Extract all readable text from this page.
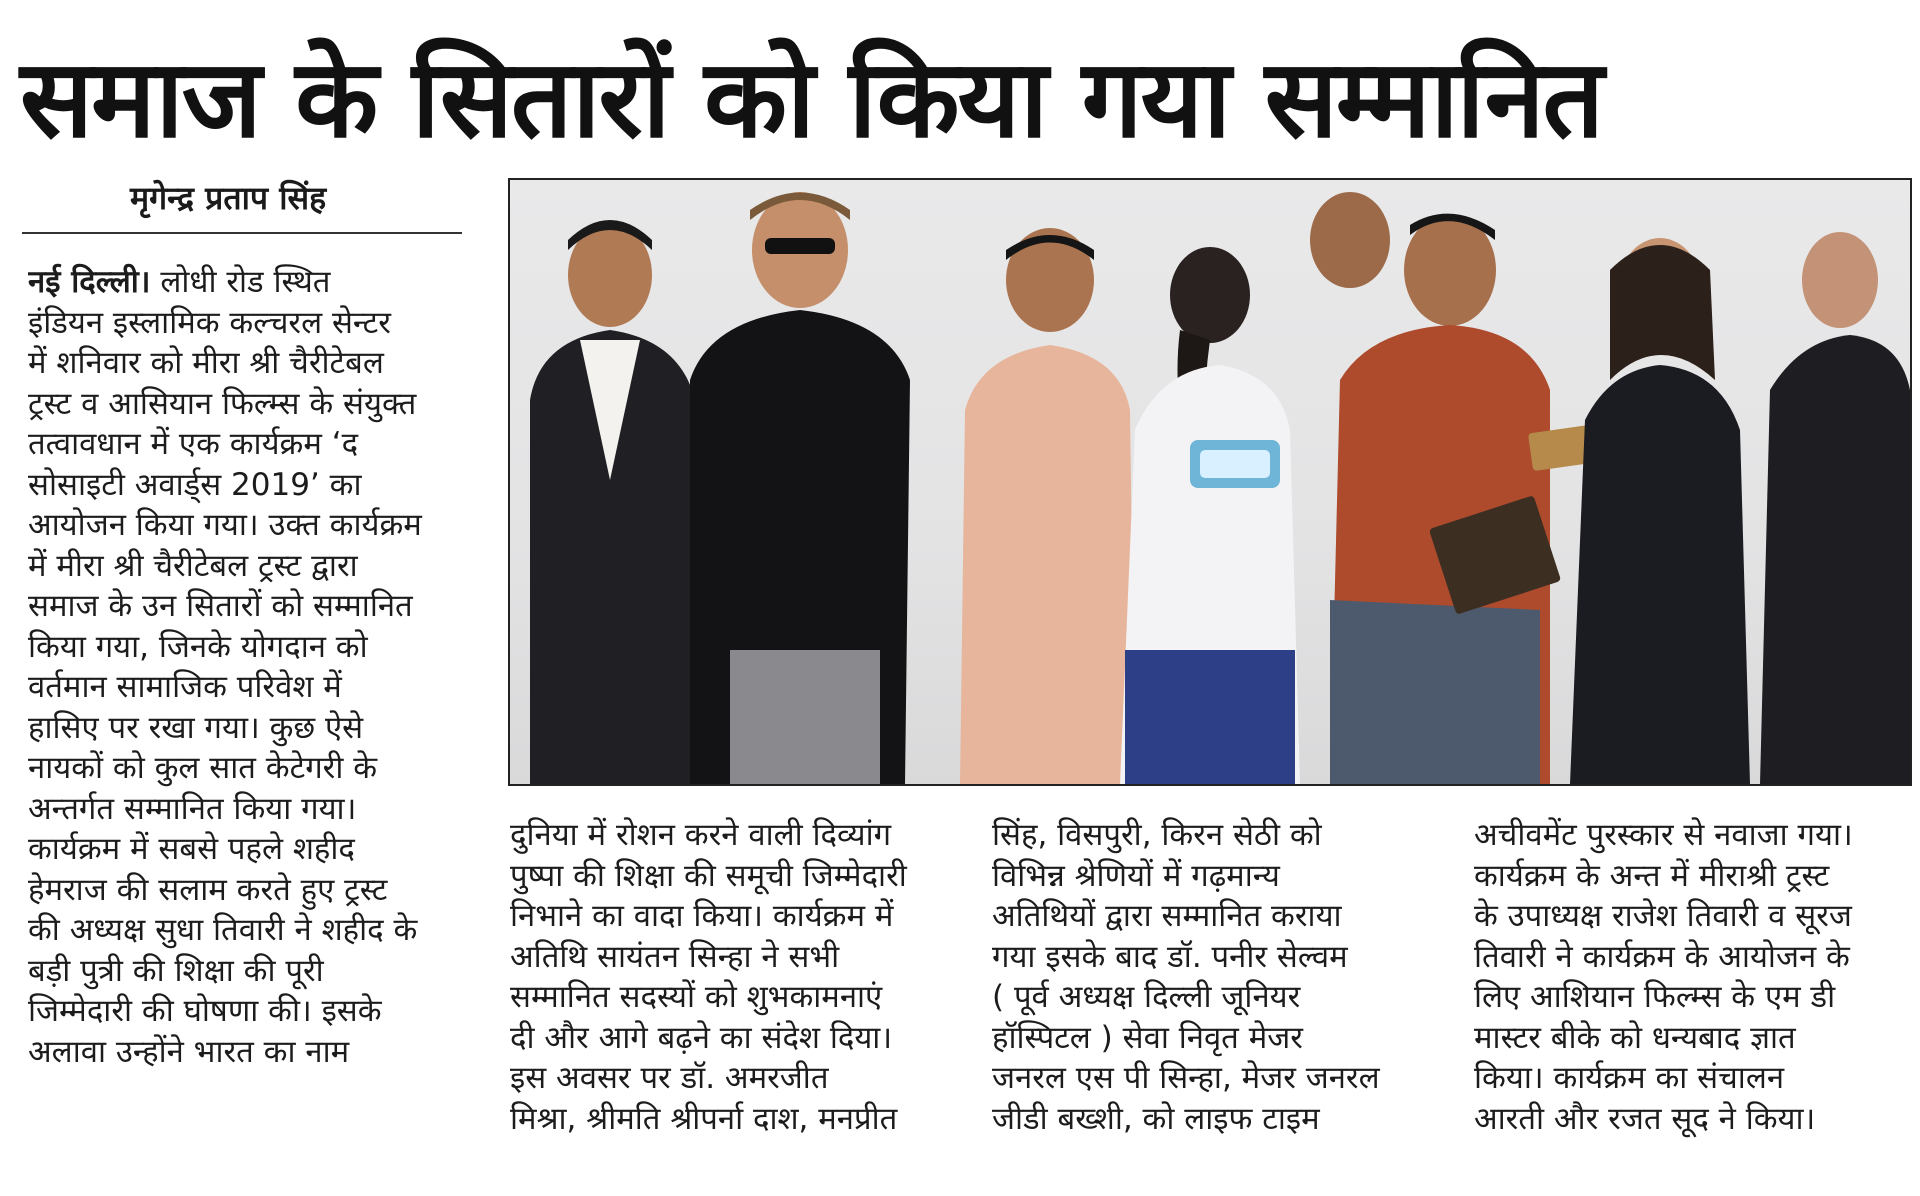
समाज के सितारों को किया गया सम्मानित
मृगेन्द्र प्रताप सिंह
नई दिल्ली। लोधी रोड स्थित
इंडियन इस्लामिक कल्चरल सेन्टर
में शनिवार को मीरा श्री चैरीटेबल
ट्रस्ट व आसियान फिल्म्स के संयुक्त
तत्वावधान में एक कार्यक्रम ‘द
सोसाइटी अवार्ड्स 2019’ का
आयोजन किया गया। उक्त कार्यक्रम
में मीरा श्री चैरीटेबल ट्रस्ट द्वारा
समाज के उन सितारों को सम्मानित
किया गया, जिनके योगदान को
वर्तमान सामाजिक परिवेश में
हासिए पर रखा गया। कुछ ऐसे
नायकों को कुल सात केटेगरी के
अन्तर्गत सम्मानित किया गया।
कार्यक्रम में सबसे पहले शहीद
हेमराज की सलाम करते हुए ट्रस्ट
की अध्यक्ष सुधा तिवारी ने शहीद के
बड़ी पुत्री की शिक्षा की पूरी
जिम्मेदारी की घोषणा की। इसके
अलावा उन्होंने भारत का नाम
दुनिया में रोशन करने वाली दिव्यांग
पुष्पा की शिक्षा की समूची जिम्मेदारी
निभाने का वादा किया। कार्यक्रम में
अतिथि सायंतन सिन्हा ने सभी
सम्मानित सदस्यों को शुभकामनाएं
दी और आगे बढ़ने का संदेश दिया।
इस अवसर पर डॉ. अमरजीत
मिश्रा, श्रीमति श्रीपर्ना दाश, मनप्रीत
सिंह, विसपुरी, किरन सेठी को
विभिन्न श्रेणियों में गढ़मान्य
अतिथियों द्वारा सम्मानित कराया
गया इसके बाद डॉ. पनीर सेल्वम
( पूर्व अध्यक्ष दिल्ली जूनियर
हॉस्पिटल ) सेवा निवृत मेजर
जनरल एस पी सिन्हा, मेजर जनरल
जीडी बख्शी, को लाइफ टाइम
अचीवमेंट पुरस्कार से नवाजा गया।
कार्यक्रम के अन्त में मीराश्री ट्रस्ट
के उपाध्यक्ष राजेश तिवारी व सूरज
तिवारी ने कार्यक्रम के आयोजन के
लिए आशियान फिल्म्स के एम डी
मास्टर बीके को धन्यबाद ज्ञात
किया। कार्यक्रम का संचालन
आरती और रजत सूद ने किया।
